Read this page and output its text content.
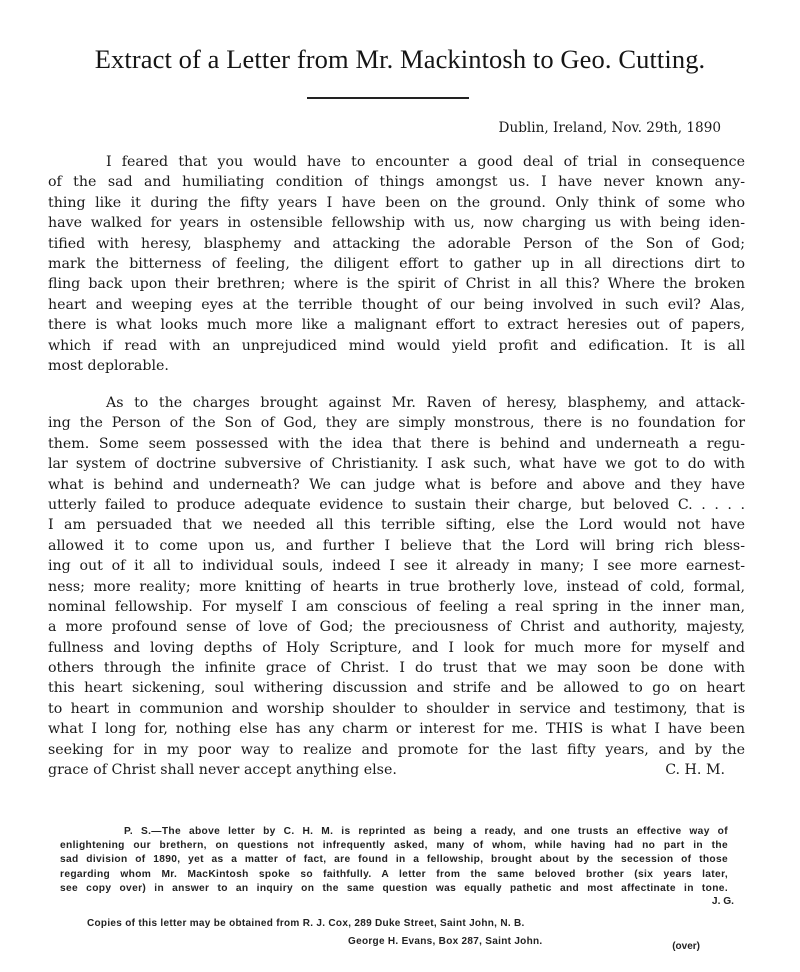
Extract of a Letter from Mr. Mackintosh to Geo. Cutting.
Dublin, Ireland, Nov. 29th, 1890
I feared that you would have to encounter a good deal of trial in consequence
of the sad and humiliating condition of things amongst us. I have never known any-
thing like it during the fifty years I have been on the ground. Only think of some who
have walked for years in ostensible fellowship with us, now charging us with being iden-
tified with heresy, blasphemy and attacking the adorable Person of the Son of God;
mark the bitterness of feeling, the diligent effort to gather up in all directions dirt to
fling back upon their brethren; where is the spirit of Christ in all this? Where the broken
heart and weeping eyes at the terrible thought of our being involved in such evil? Alas,
there is what looks much more like a malignant effort to extract heresies out of papers,
which if read with an unprejudiced mind would yield profit and edification. It is all
most deplorable.
As to the charges brought against Mr. Raven of heresy, blasphemy, and attack-
ing the Person of the Son of God, they are simply monstrous, there is no foundation for
them. Some seem possessed with the idea that there is behind and underneath a regu-
lar system of doctrine subversive of Christianity. I ask such, what have we got to do with
what is behind and underneath? We can judge what is before and above and they have
utterly failed to produce adequate evidence to sustain their charge, but beloved C. . . . .
I am persuaded that we needed all this terrible sifting, else the Lord would not have
allowed it to come upon us, and further I believe that the Lord will bring rich bless-
ing out of it all to individual souls, indeed I see it already in many; I see more earnest-
ness; more reality; more knitting of hearts in true brotherly love, instead of cold, formal,
nominal fellowship. For myself I am conscious of feeling a real spring in the inner man,
a more profound sense of love of God; the preciousness of Christ and authority, majesty,
fullness and loving depths of Holy Scripture, and I look for much more for myself and
others through the infinite grace of Christ. I do trust that we may soon be done with
this heart sickening, soul withering discussion and strife and be allowed to go on heart
to heart in communion and worship shoulder to shoulder in service and testimony, that is
what I long for, nothing else has any charm or interest for me. THIS is what I have been
seeking for in my poor way to realize and promote for the last fifty years, and by the
grace of Christ shall never accept anything else.	C. H. M.
P. S.—The above letter by C. H. M. is reprinted as being a ready, and one trusts an effective way of
enlightening our brethern, on questions not infrequently asked, many of whom, while having had no part in the
sad division of 1890, yet as a matter of fact, are found in a fellowship, brought about by the secession of those
regarding whom Mr. MacKintosh spoke so faithfully. A letter from the same beloved brother (six years later,
see copy over) in answer to an inquiry on the same question was equally pathetic and most affectinate in tone.
J. G.
Copies of this letter may be obtained from R. J. Cox, 289 Duke Street, Saint John, N. B.
George H. Evans, Box 287, Saint John.	(over)
